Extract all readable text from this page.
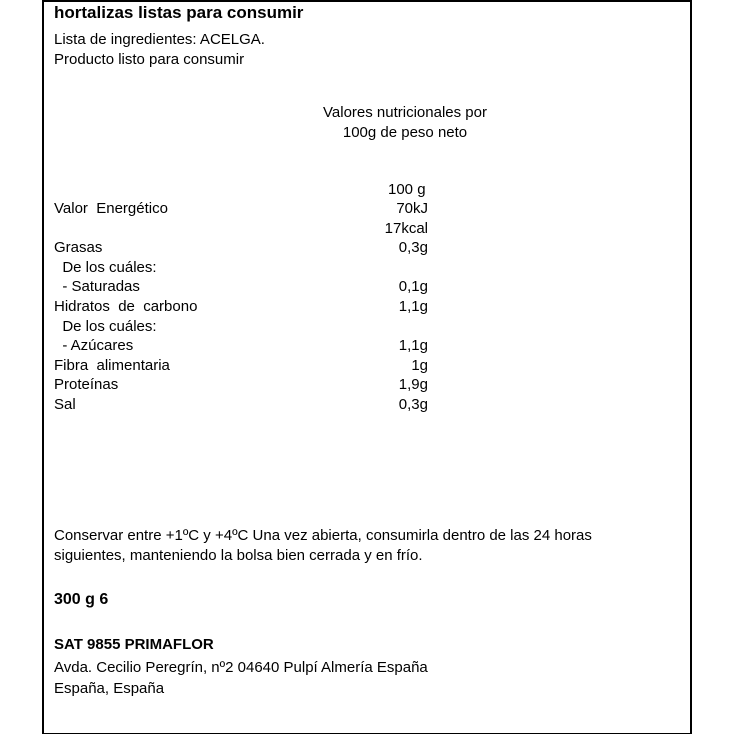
hortalizas listas para consumir
Lista de ingredientes: ACELGA.
Producto listo para consumir
Valores nutricionales por
100g de peso neto
100 g
Valor  Energético	70kJ
17kcal
Grasas	0,3g
De los cuáles:
- Saturadas	0,1g
Hidratos  de  carbono	1,1g
De los cuáles:
- Azúcares	1,1g
Fibra  alimentaria	1g
Proteínas	1,9g
Sal	0,3g
Conservar entre +1ºC y +4ºC Una vez abierta, consumirla dentro de las 24 horas
siguientes, manteniendo la bolsa bien cerrada y en frío.
300 g 6
SAT 9855 PRIMAFLOR
Avda. Cecilio Peregrín, nº2 04640 Pulpí Almería España
España, España
